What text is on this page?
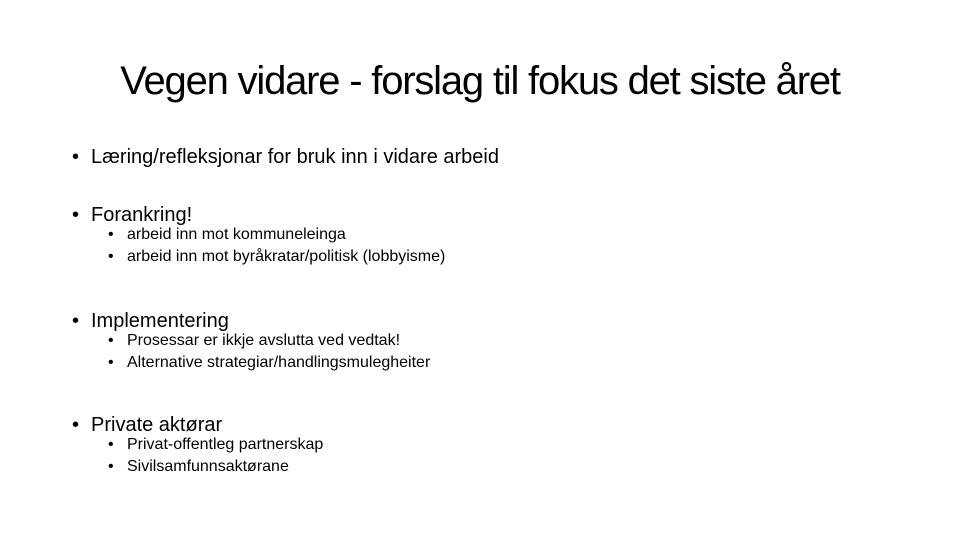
Vegen vidare - forslag til fokus det siste året
• Læring/refleksjonar for bruk inn i vidare arbeid
• Forankring!
• arbeid inn mot kommuneleinga
• arbeid inn mot byråkratar/politisk (lobbyisme)
• Implementering
• Prosessar er ikkje avslutta ved vedtak!
• Alternative strategiar/handlingsmulegheiter
• Private aktørar
• Privat-offentleg partnerskap
• Sivilsamfunnsaktørane
